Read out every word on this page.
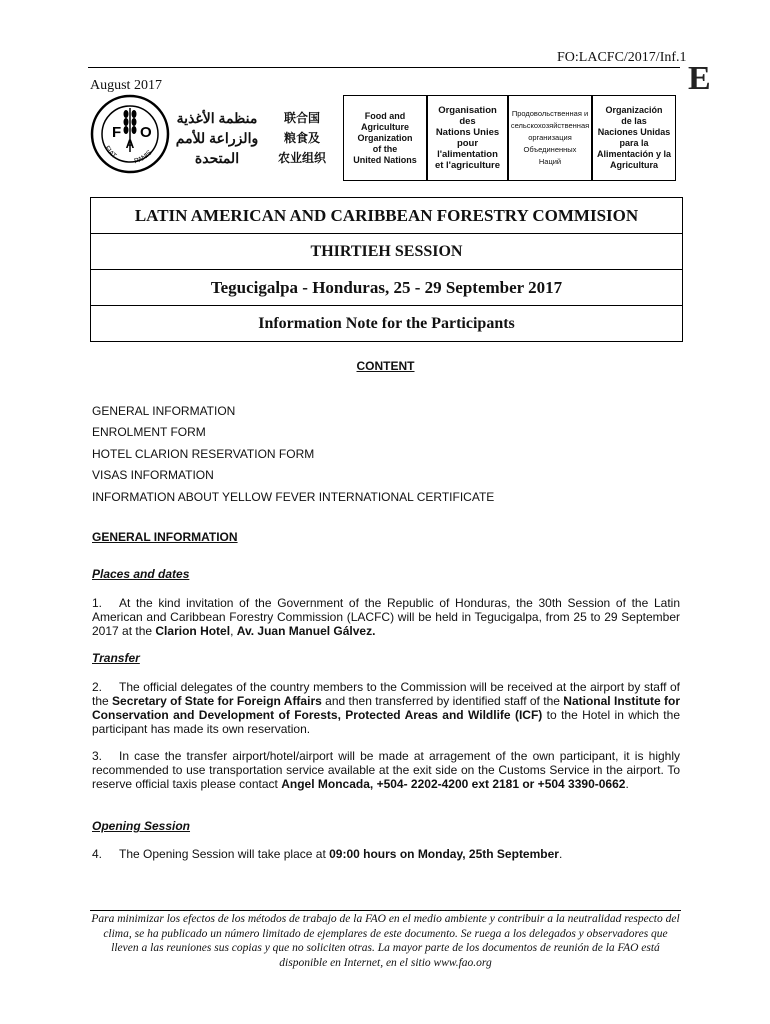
FO:LACFC/2017/Inf.1
E
August 2017
F
A
O
FIAT
PANIS
منظمة الأغذية والزراعة للأمم المتحدة
联合国
粮食及
农业组织
Food and
Agriculture
Organization
of the
United Nations
Organisation des
Nations Unies
pour
l'alimentation
et l'agriculture
Продовольственная и
сельскохозяйственная
организация
Объединенных
Наций
Organización
de las
Naciones Unidas
para la
Alimentación y la
Agricultura
LATIN AMERICAN AND CARIBBEAN FORESTRY COMMISION
THIRTIEH SESSION
Tegucigalpa - Honduras, 25 - 29 September 2017
Information Note for the Participants
CONTENT
GENERAL INFORMATION
ENROLMENT FORM
HOTEL CLARION RESERVATION FORM
VISAS INFORMATION
INFORMATION ABOUT YELLOW FEVER INTERNATIONAL CERTIFICATE
GENERAL INFORMATION
Places and dates

1. At the kind invitation of the Government of the Republic of Honduras, the 30th Session of the Latin American and Caribbean Forestry Commission (LACFC) will be held in Tegucigalpa, from 25 to 29 September 2017 at the Clarion Hotel, Av. Juan Manuel Gálvez.

Transfer

2. The official delegates of the country members to the Commission will be received at the airport by staff of the Secretary of State for Foreign Affairs and then transferred by identified staff of the National Institute for Conservation and Development of Forests, Protected Areas and Wildlife (ICF) to the Hotel in which the participant has made its own reservation.

3. In case the transfer airport/hotel/airport will be made at arragement of the own participant, it is highly recommended to use transportation service available at the exit side on the Customs Service in the airport. To reserve official taxis please contact Angel Moncada, +504- 2202-4200 ext 2181 or +504 3390-0662.

Opening Session

4. The Opening Session will take place at 09:00 hours on Monday, 25th September.

Para minimizar los efectos de los métodos de trabajo de la FAO en el medio ambiente y contribuir a la neutralidad respecto del clima, se ha publicado un número limitado de ejemplares de este documento. Se ruega a los delegados y observadores que lleven a las reuniones sus copias y que no soliciten otras. La mayor parte de los documentos de reunión de la FAO está disponible en Internet, en el sitio www.fao.org
